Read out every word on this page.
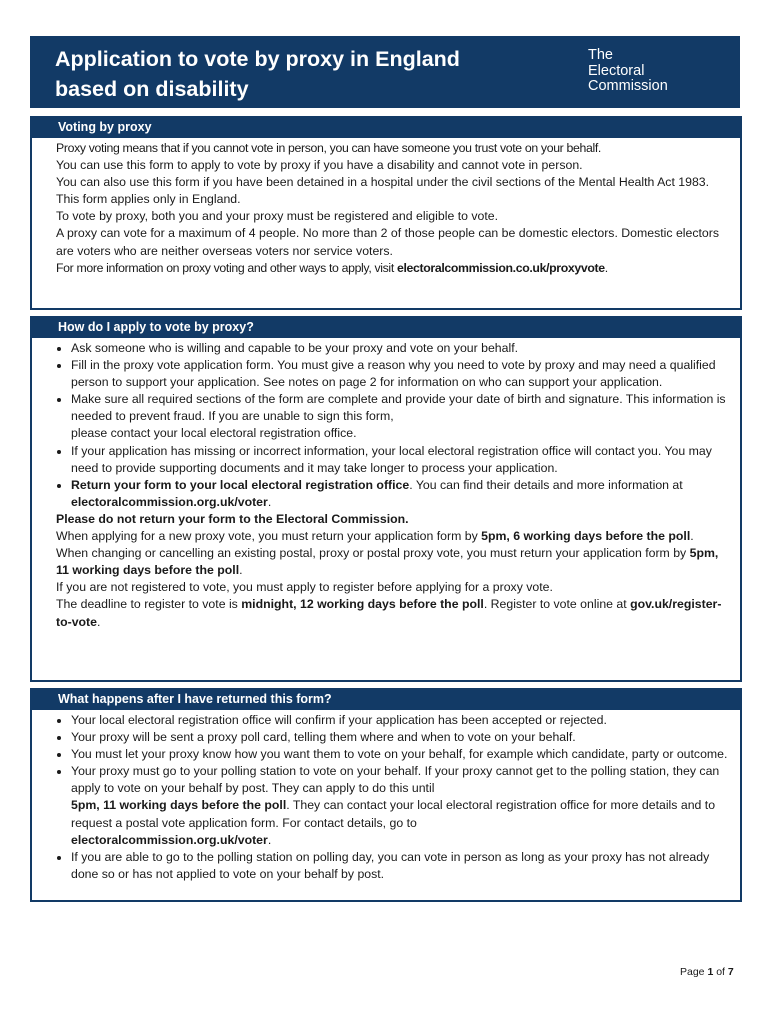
Application to vote by proxy in England
based on disability
The
Electoral
Commission
Voting by proxy

Proxy voting means that if you cannot vote in person, you can have someone you trust vote on your behalf.

You can use this form to apply to vote by proxy if you have a disability and cannot vote in person.

You can also use this form if you have been detained in a hospital under the civil sections of the Mental Health Act 1983.

This form applies only in England.

To vote by proxy, both you and your proxy must be registered and eligible to vote.

A proxy can vote for a maximum of 4 people. No more than 2 of those people can be domestic electors. Domestic electors are voters who are neither overseas voters nor service voters.

For more information on proxy voting and other ways to apply, visit electoralcommission.co.uk/proxyvote.

How do I apply to vote by proxy?
• Ask someone who is willing and capable to be your proxy and vote on your behalf.
• Fill in the proxy vote application form. You must give a reason why you need to vote by proxy and may need a qualified person to support your application. See notes on page 2 for information on who can support your application.
• Make sure all required sections of the form are complete and provide your date of birth and signature. This information is needed to prevent fraud. If you are unable to sign this form,
please contact your local electoral registration office.
• If your application has missing or incorrect information, your local electoral registration office will contact you. You may need to provide supporting documents and it may take longer to process your application.
• Return your form to your local electoral registration office. You can find their details and more information at electoralcommission.org.uk/voter.

Please do not return your form to the Electoral Commission.

When applying for a new proxy vote, you must return your application form by 5pm, 6 working days before the poll.

When changing or cancelling an existing postal, proxy or postal proxy vote, you must return your application form by 5pm, 11 working days before the poll.

If you are not registered to vote, you must apply to register before applying for a proxy vote.

The deadline to register to vote is midnight, 12 working days before the poll. Register to vote online at gov.uk/register-to-vote.

What happens after I have returned this form?
• Your local electoral registration office will confirm if your application has been accepted or rejected.
• Your proxy will be sent a proxy poll card, telling them where and when to vote on your behalf.
• You must let your proxy know how you want them to vote on your behalf, for example which candidate, party or outcome.
• Your proxy must go to your polling station to vote on your behalf. If your proxy cannot get to the polling station, they can apply to vote on your behalf by post. They can apply to do this until
5pm, 11 working days before the poll. They can contact your local electoral registration office for more details and to request a postal vote application form. For contact details, go to
electoralcommission.org.uk/voter.
• If you are able to go to the polling station on polling day, you can vote in person as long as your proxy has not already done so or has not applied to vote on your behalf by post.
Page 1 of 7
